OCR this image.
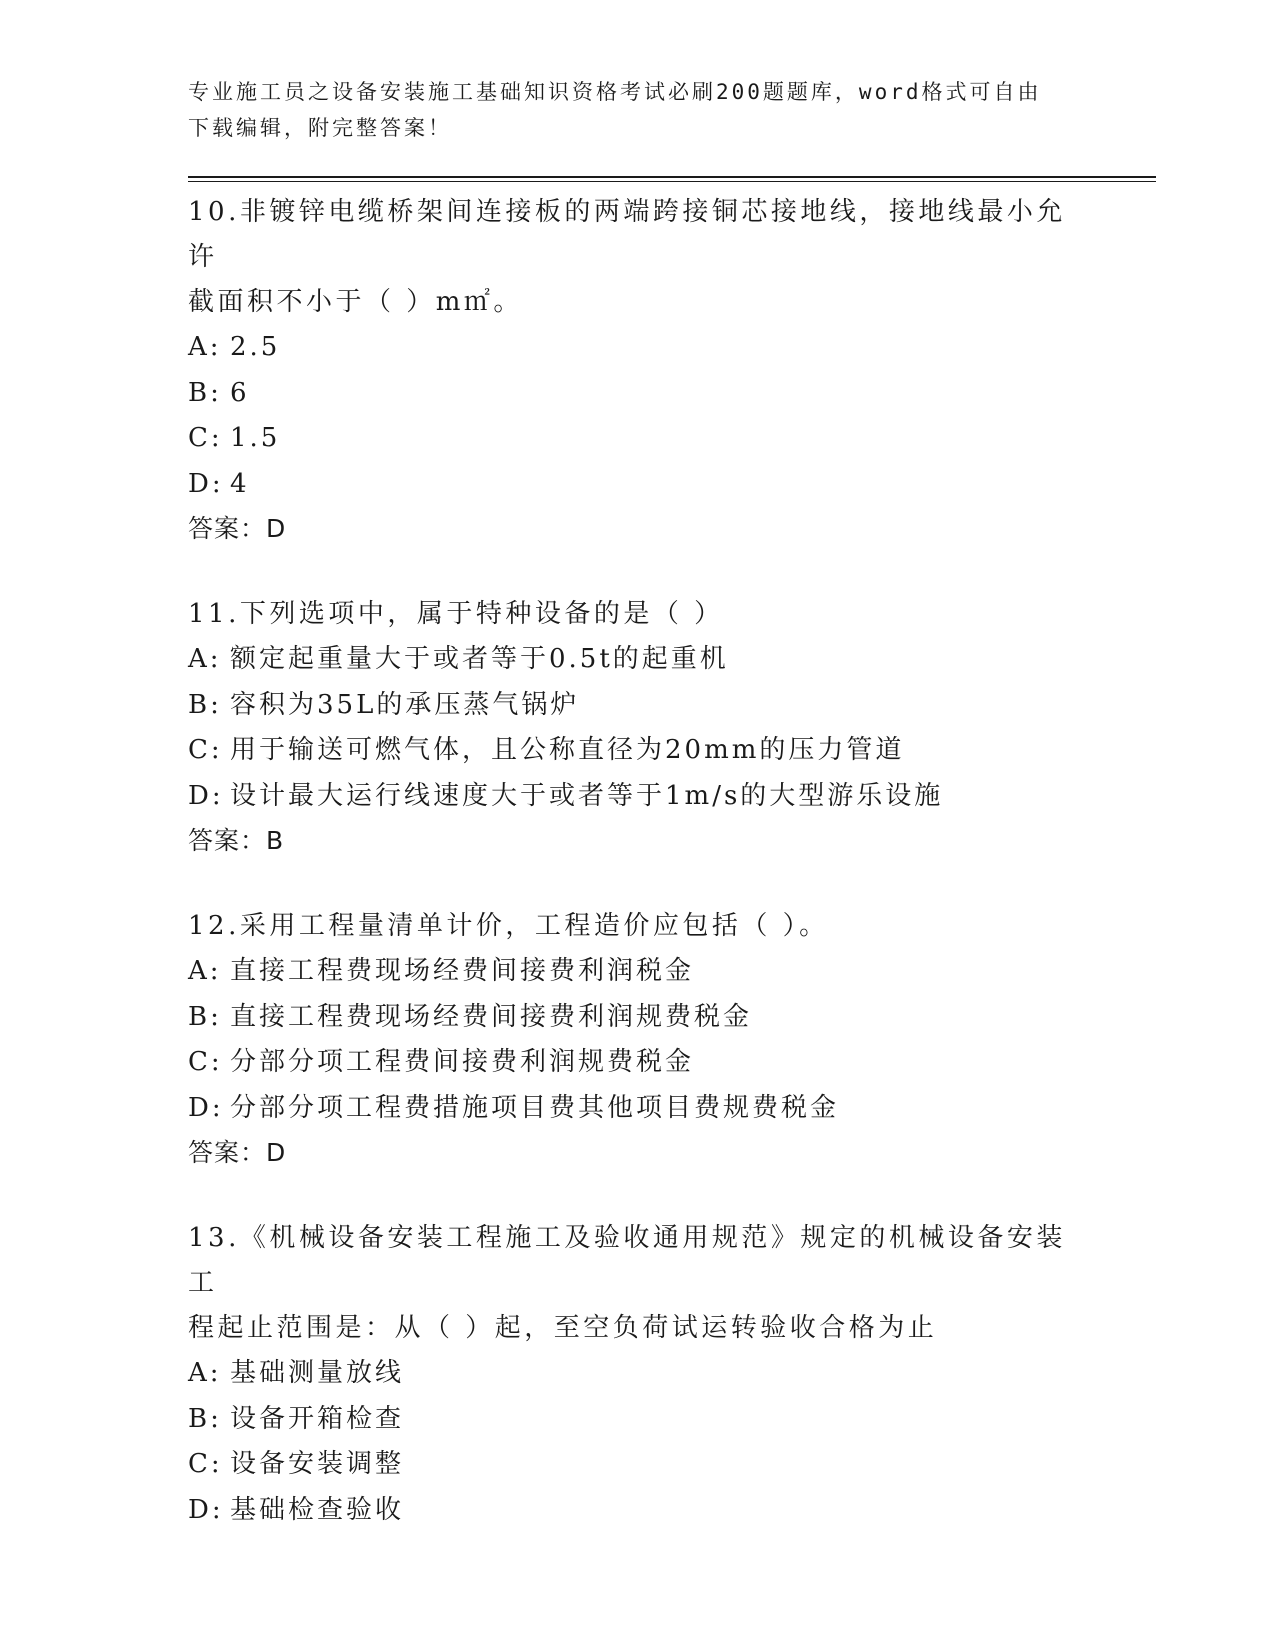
专业施工员之设备安装施工基础知识资格考试必刷200题题库，word格式可自由
下载编辑，附完整答案！
10.非镀锌电缆桥架间连接板的两端跨接铜芯接地线，接地线最小允许
截面积不小于（ ）m㎡。
A: 2.5
B: 6
C: 1.5
D: 4
答案：D
11.下列选项中，属于特种设备的是（ ）
A: 额定起重量大于或者等于0.5t的起重机
B: 容积为35L的承压蒸气锅炉
C: 用于输送可燃气体，且公称直径为20mm的压力管道
D: 设计最大运行线速度大于或者等于1m/s的大型游乐设施
答案：B
12.采用工程量清单计价，工程造价应包括（ ）。
A: 直接工程费现场经费间接费利润税金
B: 直接工程费现场经费间接费利润规费税金
C: 分部分项工程费间接费利润规费税金
D: 分部分项工程费措施项目费其他项目费规费税金
答案：D
13.《机械设备安装工程施工及验收通用规范》规定的机械设备安装工
程起止范围是：从（ ）起，至空负荷试运转验收合格为止
A: 基础测量放线
B: 设备开箱检查
C: 设备安装调整
D: 基础检查验收
